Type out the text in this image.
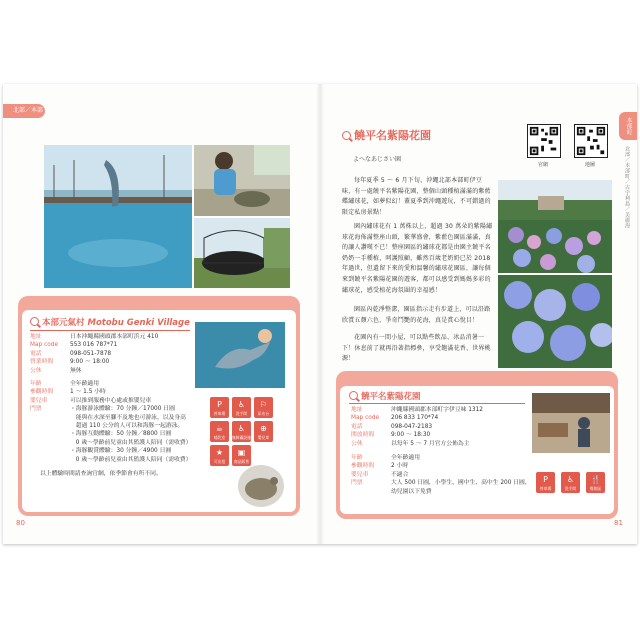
北部／本部町
本部元氣村 Motobu Genki Village
地址	日本沖繩縣國頭郡本部町浜元 410
Map code	553 016 787*71
電話	098-051-7878
營業時間	9:00 ～ 18:00
公休	無休
年齡	全年齡適用
參觀時間	1 ～ 1.5 小時
嬰兒車	可以推到服務中心處或推嬰兒車
門票	・海豚游泳體驗：70 分鐘／17000 日圓
　能與在水深至腳不及地也可游泳，以及身高
　超過 110 公分的人可以和海豚一起游泳。
・海豚互動體驗：50 分鐘／8800 日圓
　0 歲～學齡前兒童由其監護人陪同（需收費）
・海豚觀賞體驗：30 分鐘／4900 日圓
　0 歲～學齡前兒童由其監護人陪同（需收費）
以上體驗時間請查詢官網，依季節會有所不同。
P
停車場
♿
洗手間
⚐
尿布台
☕
哺乳室
♿
無障礙設施
⊕
嬰兒車
★
可出租
▣
商品販售
80
本部町
北部／本部町／古宇利島／美麗海
饒平名紫陽花園
よへなあじさい園
官網	地圖
每年夏季 5 ～ 6 月下旬，沖繩北部本部町伊豆味，有一處饒平名紫陽花園，整個山頭種植滿滿的紫藍蝶繡球花，如夢似幻！蓋夏季到沖繩遊玩，不可錯過的限定私房景點！
園內繡球花有 1 萬株以上，超過 30 萬朵的紫陽繡球花海佈滿整座山頭，繁華盛會，紫藍色園區滿滿，真的讓人讚嘆不已！整座園區的繡球花都是由園主饒平名奶奶一手種植，呵護照顧，雖然百歲老奶奶已於 2018 年過世，但遺留下來的愛和溫馨的繡球花園區，讓每個來到饒平名紫陽花園的遊客，都可以感受到媽媽多彩的繡球花，感受植花海氛圍的幸福感！
園區內乾淨整潔，園區指示走有步道上，可以沿路欣賞五顏六色、爭奇鬥艷的花海，真是賞心悅目！
花園內有一間小屋，可以點些飲品、冰品消暑一下！休息前了就再沿著指標參，享受飽滿花香、世界桃源！
饒平名紫陽花園
地址	沖繩縣國頭郡本部町字伊豆味 1312
Map code	206 833 170*74
電話	098-047-2183
開放時間	9:00 ～ 18:30
公休	以每年 5 ～ 7 月官方公佈為主
年齡	全年齡適用
參觀時間	2 小時
嬰兒車	不適合
門票	大人 500 日圓，小學生、國中生、高中生 200 日圓，
幼兒園以下免費
P
停車場
♿
洗手間
🍴
餐飲區
81
